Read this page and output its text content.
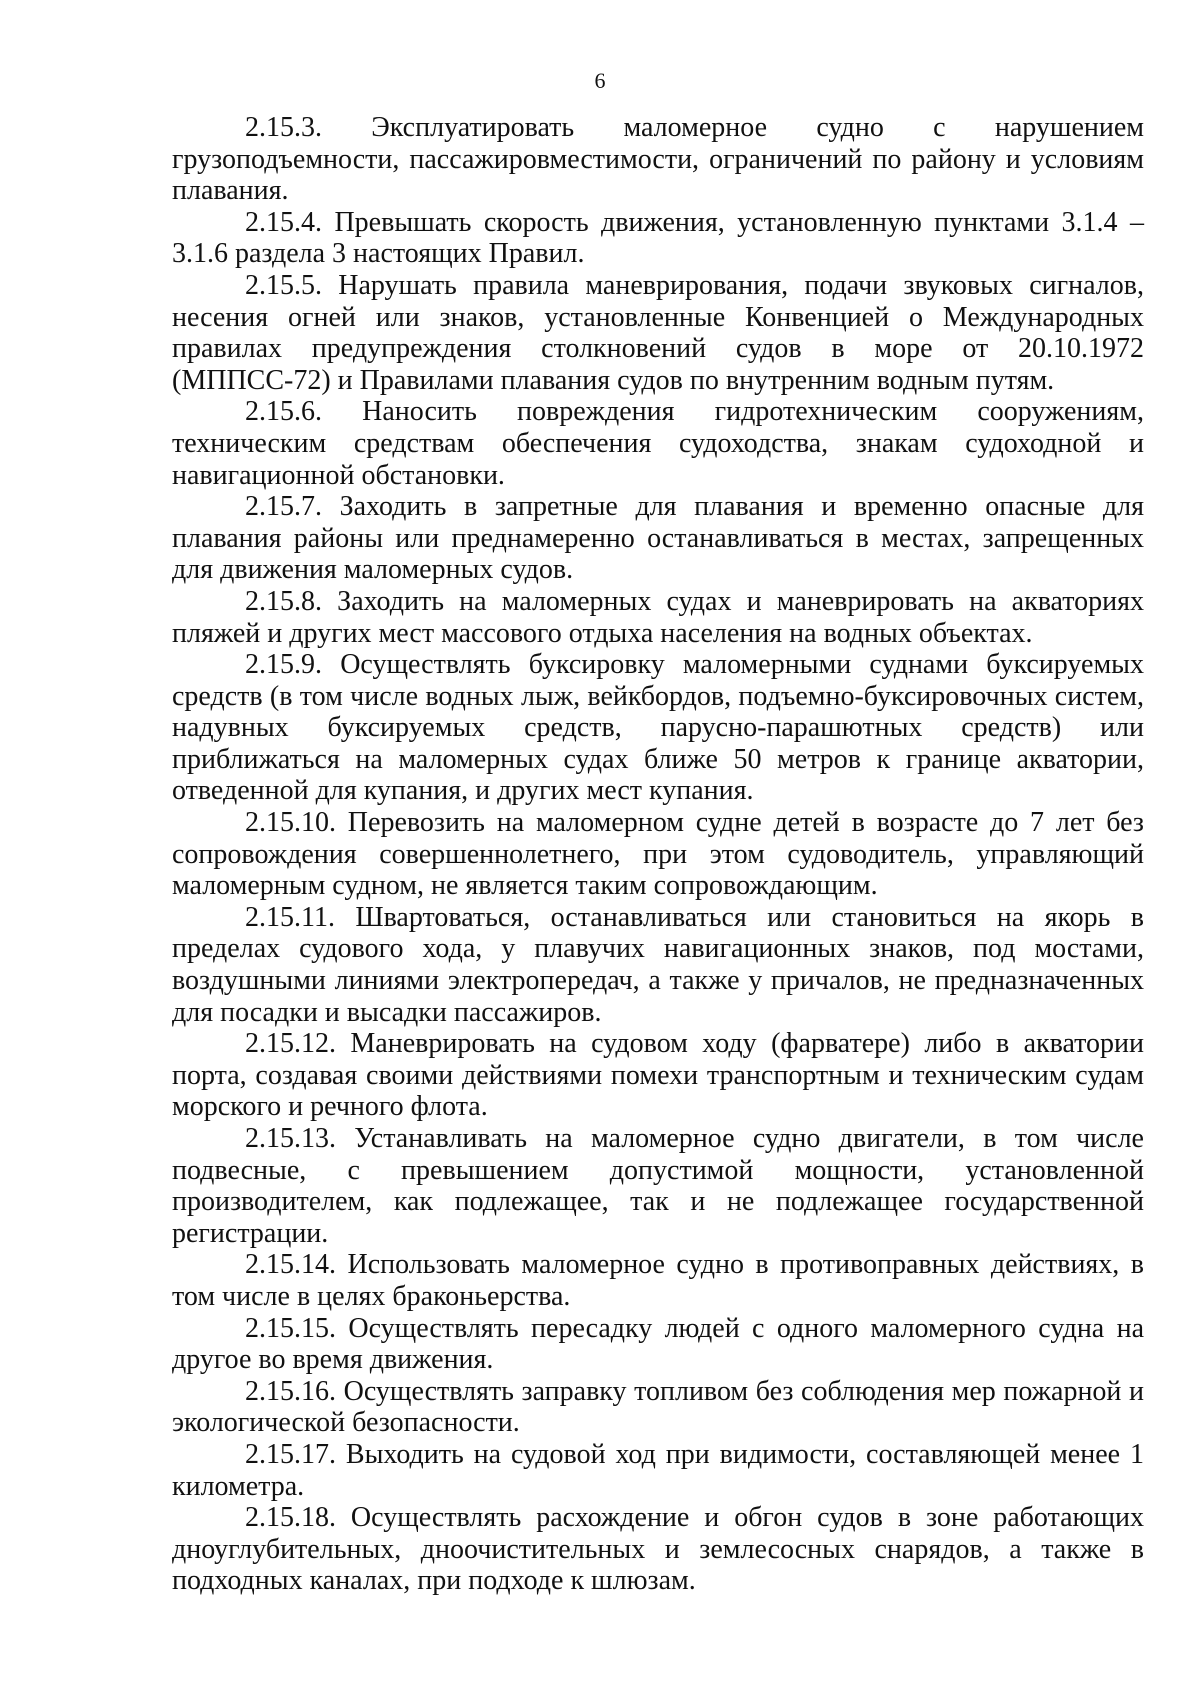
6

2.15.3. Эксплуатировать маломерное судно с нарушением грузоподъемности, пассажировместимости, ограничений по району и условиям плавания.

2.15.4. Превышать скорость движения, установленную пунктами 3.1.4 – 3.1.6 раздела 3 настоящих Правил.

2.15.5. Нарушать правила маневрирования, подачи звуковых сигналов, несения огней или знаков, установленные Конвенцией о Международных правилах предупреждения столкновений судов в море от 20.10.1972 (МППСС-72) и Правилами плавания судов по внутренним водным путям.

2.15.6. Наносить повреждения гидротехническим сооружениям, техническим средствам обеспечения судоходства, знакам судоходной и навигационной обстановки.

2.15.7. Заходить в запретные для плавания и временно опасные для плавания районы или преднамеренно останавливаться в местах, запрещенных для движения маломерных судов.

2.15.8. Заходить на маломерных судах и маневрировать на акваториях пляжей и других мест массового отдыха населения на водных объектах.

2.15.9. Осуществлять буксировку маломерными суднами буксируемых средств (в том числе водных лыж, вейкбордов, подъемно-буксировочных систем, надувных буксируемых средств, парусно-парашютных средств) или приближаться на маломерных судах ближе 50 метров к границе акватории, отведенной для купания, и других мест купания.

2.15.10. Перевозить на маломерном судне детей в возрасте до 7 лет без сопровождения совершеннолетнего, при этом судоводитель, управляющий маломерным судном, не является таким сопровождающим.

2.15.11. Швартоваться, останавливаться или становиться на якорь в пределах судового хода, у плавучих навигационных знаков, под мостами, воздушными линиями электропередач, а также у причалов, не предназначенных для посадки и высадки пассажиров.

2.15.12. Маневрировать на судовом ходу (фарватере) либо в акватории порта, создавая своими действиями помехи транспортным и техническим судам морского и речного флота.

2.15.13. Устанавливать на маломерное судно двигатели, в том числе подвесные, с превышением допустимой мощности, установленной производителем, как подлежащее, так и не подлежащее государственной регистрации.

2.15.14. Использовать маломерное судно в противоправных действиях, в том числе в целях браконьерства.

2.15.15. Осуществлять пересадку людей с одного маломерного судна на другое во время движения.

2.15.16. Осуществлять заправку топливом без соблюдения мер пожарной и экологической безопасности.

2.15.17. Выходить на судовой ход при видимости, составляющей менее 1 километра.

2.15.18. Осуществлять расхождение и обгон судов в зоне работающих дноуглубительных, дноочистительных и землесосных снарядов, а также в подходных каналах, при подходе к шлюзам.
